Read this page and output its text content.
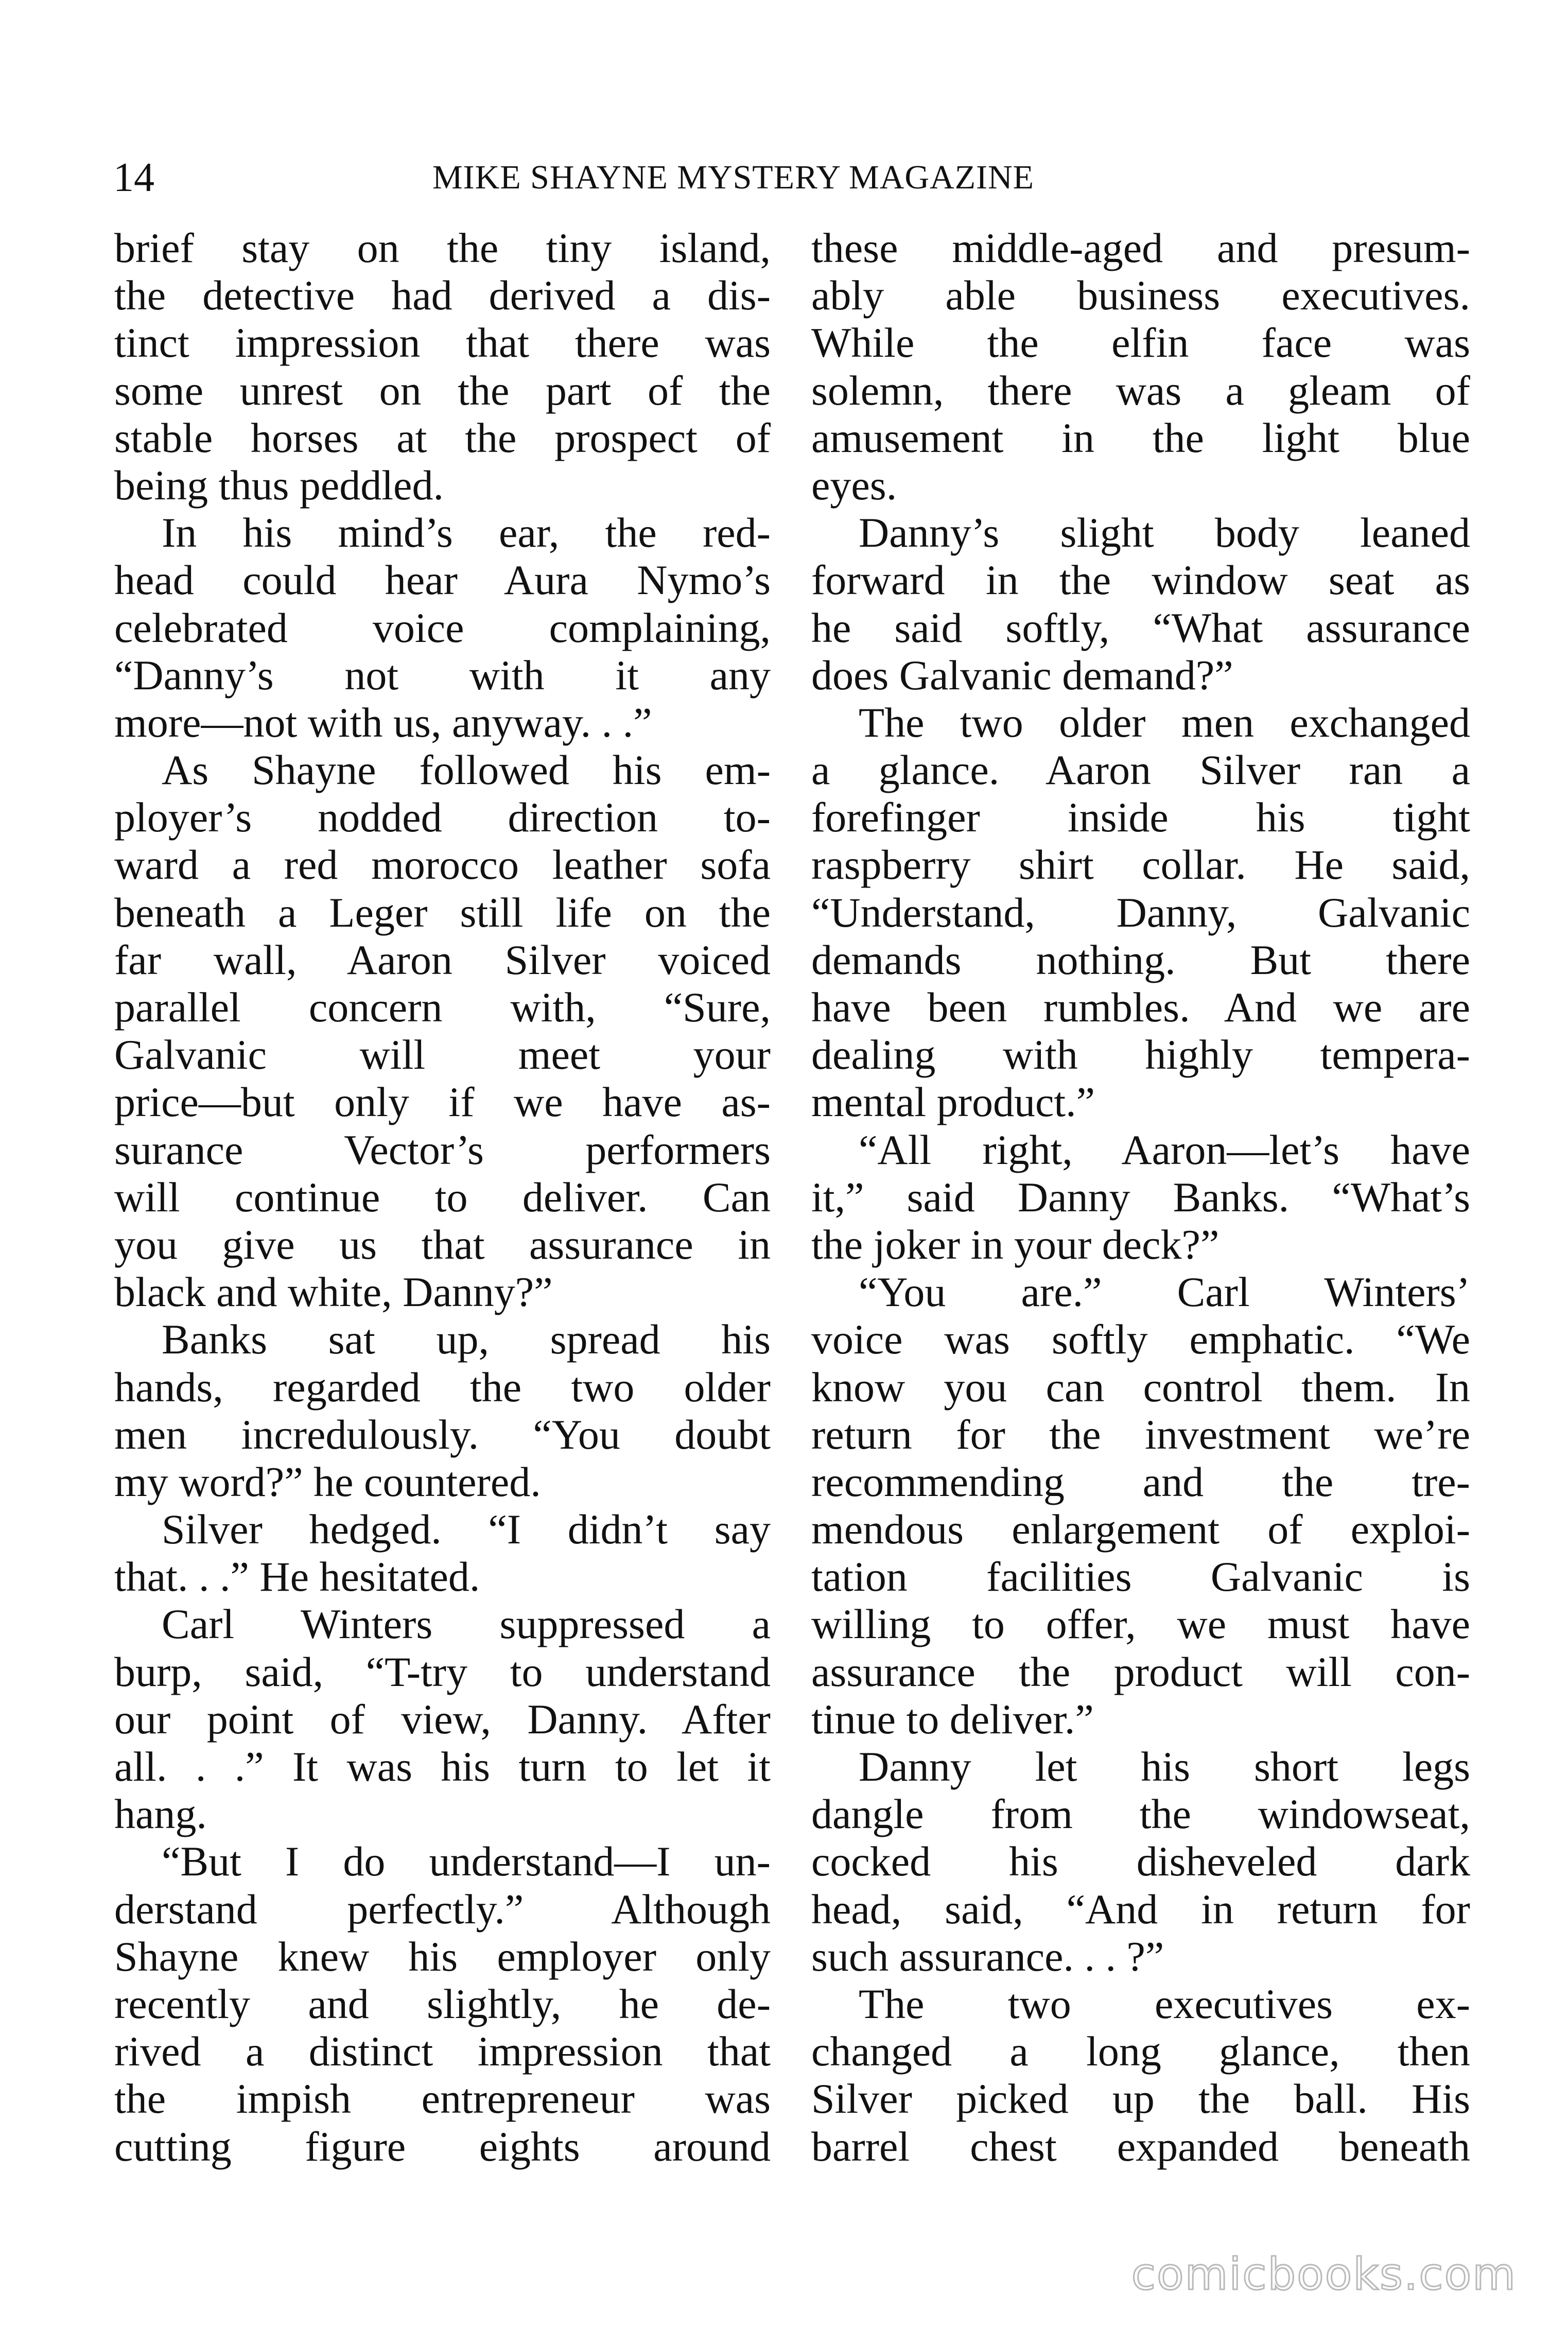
14	MIKE SHAYNE MYSTERY MAGAZINE
brief stay on the tiny island,
the detective had derived a dis-
tinct impression that there was
some unrest on the part of the
stable horses at the prospect of
being thus peddled.
In his mind’s ear, the red-
head could hear Aura Nymo’s
celebrated voice complaining,
“Danny’s not with it any
more—not with us, anyway. . .”
As Shayne followed his em-
ployer’s nodded direction to-
ward a red morocco leather sofa
beneath a Leger still life on the
far wall, Aaron Silver voiced
parallel concern with, “Sure,
Galvanic will meet your
price—but only if we have as-
surance Vector’s performers
will continue to deliver. Can
you give us that assurance in
black and white, Danny?”
Banks sat up, spread his
hands, regarded the two older
men incredulously. “You doubt
my word?” he countered.
Silver hedged. “I didn’t say
that. . .” He hesitated.
Carl Winters suppressed a
burp, said, “T-try to understand
our point of view, Danny. After
all. . .” It was his turn to let it
hang.
“But I do understand—I un-
derstand perfectly.” Although
Shayne knew his employer only
recently and slightly, he de-
rived a distinct impression that
the impish entrepreneur was
cutting figure eights around
these middle-aged and presum-
ably able business executives.
While the elfin face was
solemn, there was a gleam of
amusement in the light blue
eyes.
Danny’s slight body leaned
forward in the window seat as
he said softly, “What assurance
does Galvanic demand?”
The two older men exchanged
a glance. Aaron Silver ran a
forefinger inside his tight
raspberry shirt collar. He said,
“Understand, Danny, Galvanic
demands nothing. But there
have been rumbles. And we are
dealing with highly tempera-
mental product.”
“All right, Aaron—let’s have
it,” said Danny Banks. “What’s
the joker in your deck?”
“You are.” Carl Winters’
voice was softly emphatic. “We
know you can control them. In
return for the investment we’re
recommending and the tre-
mendous enlargement of exploi-
tation facilities Galvanic is
willing to offer, we must have
assurance the product will con-
tinue to deliver.”
Danny let his short legs
dangle from the windowseat,
cocked his disheveled dark
head, said, “And in return for
such assurance. . . ?”
The two executives ex-
changed a long glance, then
Silver picked up the ball. His
barrel chest expanded beneath
comicbooks.com
